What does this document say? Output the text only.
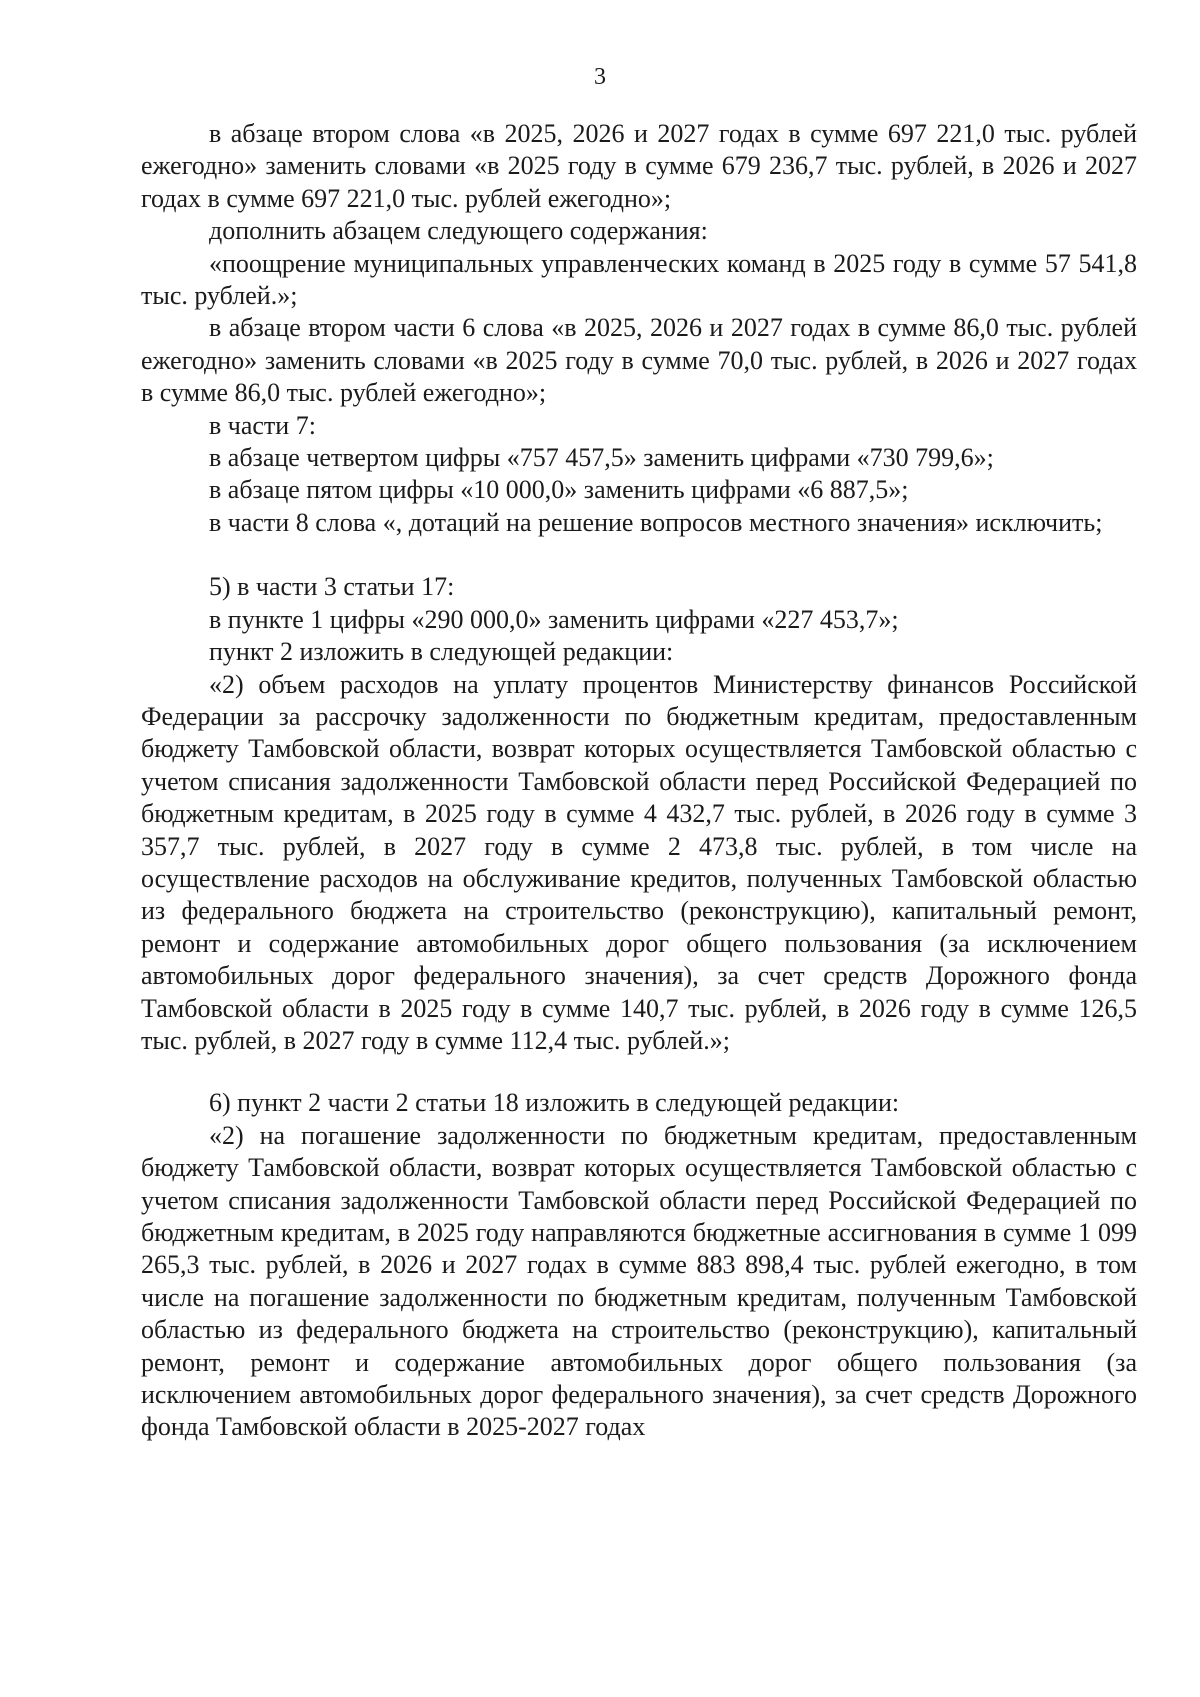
3

в абзаце втором слова «в 2025, 2026 и 2027 годах в сумме 697 221,0 тыс. рублей ежегодно» заменить словами «в 2025 году в сумме 679 236,7 тыс. рублей, в 2026 и 2027 годах в сумме 697 221,0 тыс. рублей ежегодно»;

дополнить абзацем следующего содержания:

«поощрение муниципальных управленческих команд в 2025 году в сумме 57 541,8 тыс. рублей.»;

в абзаце втором части 6 слова «в 2025, 2026 и 2027 годах в сумме 86,0 тыс. рублей ежегодно» заменить словами «в 2025 году в сумме 70,0 тыс. рублей, в 2026 и 2027 годах в сумме 86,0 тыс. рублей ежегодно»;

в части 7:

в абзаце четвертом цифры «757 457,5» заменить цифрами «730 799,6»;

в абзаце пятом цифры «10 000,0» заменить цифрами «6 887,5»;

в части 8 слова «, дотаций на решение вопросов местного значения» исключить;

5) в части 3 статьи 17:

в пункте 1 цифры «290 000,0» заменить цифрами «227 453,7»;

пункт 2 изложить в следующей редакции:

«2) объем расходов на уплату процентов Министерству финансов Российской Федерации за рассрочку задолженности по бюджетным кредитам, предоставленным бюджету Тамбовской области, возврат которых осуществляется Тамбовской областью с учетом списания задолженности Тамбовской области перед Российской Федерацией по бюджетным кредитам, в 2025 году в сумме 4 432,7 тыс. рублей, в 2026 году в сумме 3 357,7 тыс. рублей, в 2027 году в сумме 2 473,8 тыс. рублей, в том числе на осуществление расходов на обслуживание кредитов, полученных Тамбовской областью из федерального бюджета на строительство (реконструкцию), капитальный ремонт, ремонт и содержание автомобильных дорог общего пользования (за исключением автомобильных дорог федерального значения), за счет средств Дорожного фонда Тамбовской области в 2025 году в сумме 140,7 тыс. рублей, в 2026 году в сумме 126,5 тыс. рублей, в 2027 году в сумме 112,4 тыс. рублей.»;

6) пункт 2 части 2 статьи 18 изложить в следующей редакции:

«2) на погашение задолженности по бюджетным кредитам, предоставленным бюджету Тамбовской области, возврат которых осуществляется Тамбовской областью с учетом списания задолженности Тамбовской области перед Российской Федерацией по бюджетным кредитам, в 2025 году направляются бюджетные ассигнования в сумме 1 099 265,3 тыс. рублей, в 2026 и 2027 годах в сумме 883 898,4 тыс. рублей ежегодно, в том числе на погашение задолженности по бюджетным кредитам, полученным Тамбовской областью из федерального бюджета на строительство (реконструкцию), капитальный ремонт, ремонт и содержание автомобильных дорог общего пользования (за исключением автомобильных дорог федерального значения), за счет средств Дорожного фонда Тамбовской области в 2025-2027 годах
